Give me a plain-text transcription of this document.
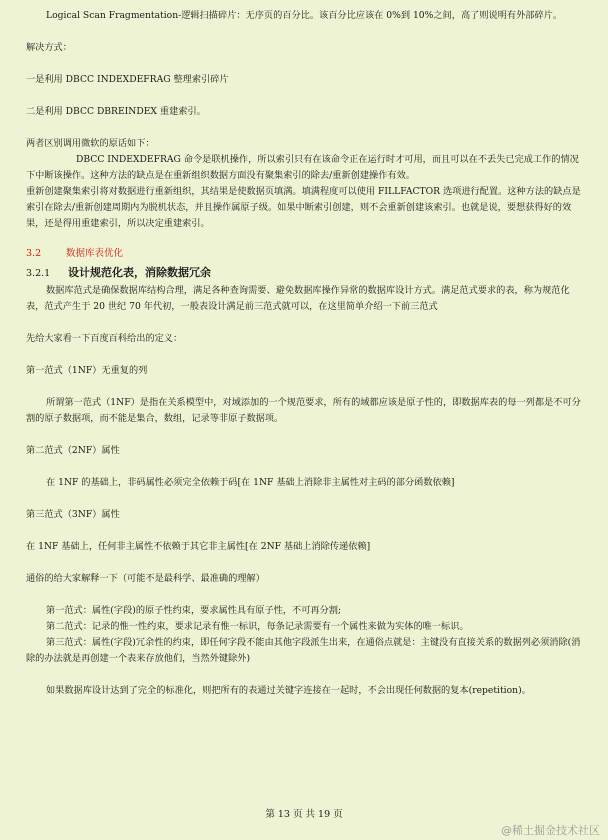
Logical Scan Fragmentation-逻辑扫描碎片：无序页的百分比。该百分比应该在 0%到 10%之间，高了则说明有外部碎片。

解决方式：

一是利用 DBCC INDEXDEFRAG 整理索引碎片

二是利用 DBCC DBREINDEX 重建索引。

两者区别调用微软的原话如下：

DBCC INDEXDEFRAG 命令是联机操作，所以索引只有在该命令正在运行时才可用，而且可以在不丢失已完成工作的情况下中断该操作。这种方法的缺点是在重新组织数据方面没有聚集索引的除去/重新创建操作有效。

重新创建聚集索引将对数据进行重新组织，其结果是使数据页填满。填满程度可以使用 FILLFACTOR 选项进行配置。这种方法的缺点是索引在除去/重新创建周期内为脱机状态，并且操作属原子级。如果中断索引创建，则不会重新创建该索引。也就是说，要想获得好的效果，还是得用重建索引，所以决定重建索引。

3.2	数据库表优化
3.2.1 设计规范化表，消除数据冗余

数据库范式是确保数据库结构合理，满足各种查询需要、避免数据库操作异常的数据库设计方式。满足范式要求的表，称为规范化表，范式产生于 20 世纪 70 年代初，一般表设计满足前三范式就可以，在这里简单介绍一下前三范式

先给大家看一下百度百科给出的定义：

第一范式（1NF）无重复的列

所谓第一范式（1NF）是指在关系模型中，对域添加的一个规范要求，所有的域都应该是原子性的，即数据库表的每一列都是不可分割的原子数据项，而不能是集合，数组，记录等非原子数据项。

第二范式（2NF）属性

在 1NF 的基础上，非码属性必须完全依赖于码[在 1NF 基础上消除非主属性对主码的部分函数依赖]

第三范式（3NF）属性

在 1NF 基础上，任何非主属性不依赖于其它非主属性[在 2NF 基础上消除传递依赖]

通俗的给大家解释一下（可能不是最科学、最准确的理解）

第一范式：属性(字段)的原子性约束，要求属性具有原子性，不可再分割;

第二范式：记录的惟一性约束，要求记录有惟一标识，每条记录需要有一个属性来做为实体的唯一标识。

第三范式：属性(字段)冗余性的约束，即任何字段不能由其他字段派生出来，在通俗点就是：主键没有直接关系的数据列必须消除(消除的办法就是再创建一个表来存放他们，当然外键除外)

如果数据库设计达到了完全的标准化，则把所有的表通过关键字连接在一起时，不会出现任何数据的复本(repetition)。

第 13 页 共 19 页
@稀土掘金技术社区
